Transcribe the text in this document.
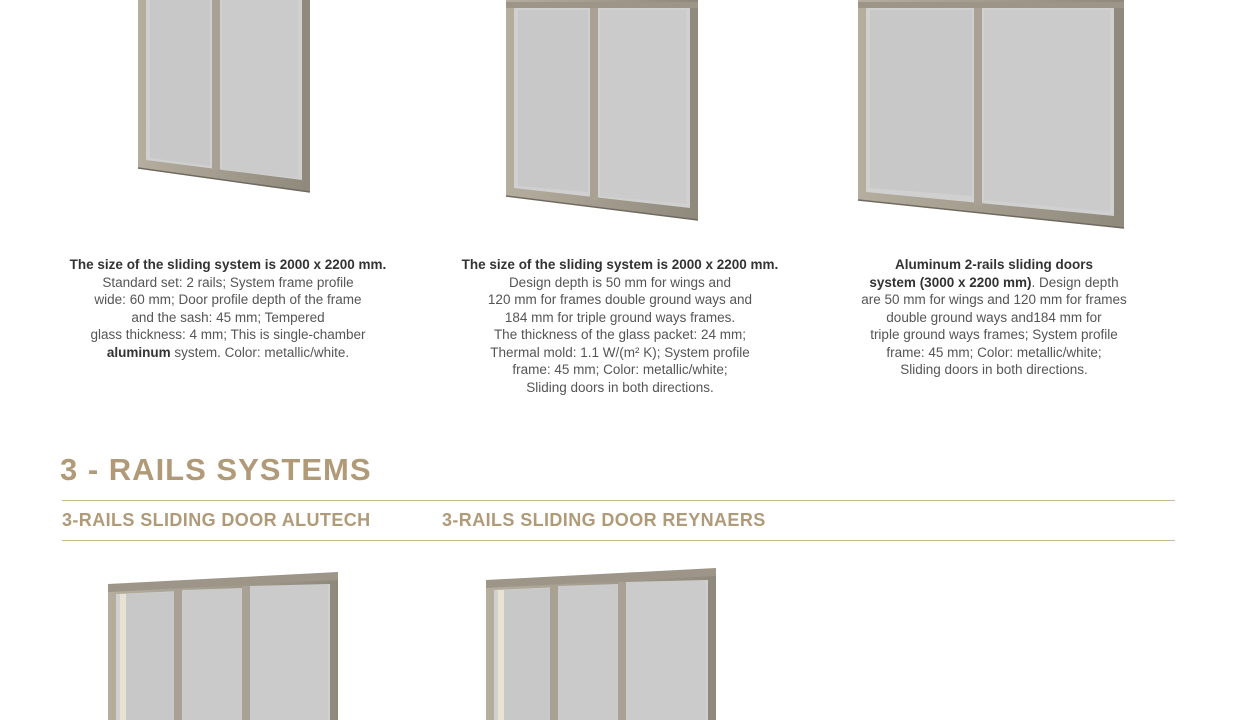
The size of the sliding system is 2000 x 2200 mm.
Standard set: 2 rails; System frame profile
wide: 60 mm; Door profile depth of the frame
and the sash: 45 mm; Tempered
glass thickness: 4 mm; This is single-chamber
aluminum system. Color: metallic/white.
The size of the sliding system is 2000 x 2200 mm.
Design depth is 50 mm for wings and
120 mm for frames double ground ways and
184 mm for triple ground ways frames.
The thickness of the glass packet: 24 mm;
Thermal mold: 1.1 W/(m² K); System profile
frame: 45 mm; Color: metallic/white;
Sliding doors in both directions.
Aluminum 2-rails sliding doors
system (3000 x 2200 mm). Design depth
are 50 mm for wings and 120 mm for frames
double ground ways and184 mm for
triple ground ways frames; System profile
frame: 45 mm; Color: metallic/white;
Sliding doors in both directions.
3 - RAILS SYSTEMS
3-RAILS SLIDING DOOR ALUTECH	3-RAILS SLIDING DOOR REYNAERS
